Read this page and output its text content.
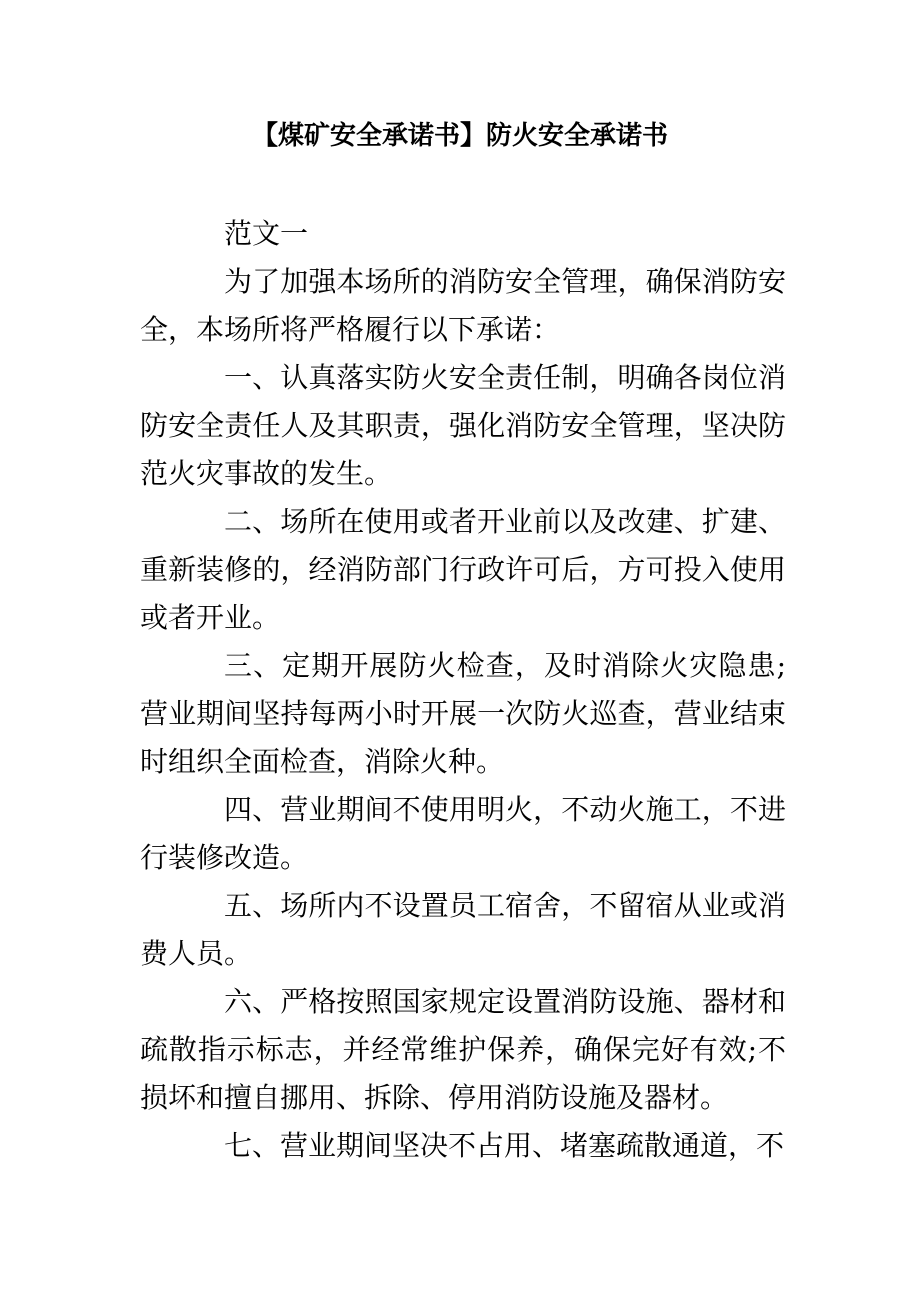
【煤矿安全承诺书】防火安全承诺书

范文一

为了加强本场所的消防安全管理，确保消防安全，本场所将严格履行以下承诺：

一、认真落实防火安全责任制，明确各岗位消防安全责任人及其职责，强化消防安全管理，坚决防范火灾事故的发生。

二、场所在使用或者开业前以及改建、扩建、重新装修的，经消防部门行政许可后，方可投入使用或者开业。

三、定期开展防火检查，及时消除火灾隐患;营业期间坚持每两小时开展一次防火巡查，营业结束时组织全面检查，消除火种。

四、营业期间不使用明火，不动火施工，不进行装修改造。

五、场所内不设置员工宿舍，不留宿从业或消费人员。

六、严格按照国家规定设置消防设施、器材和疏散指示标志，并经常维护保养，确保完好有效;不损坏和擅自挪用、拆除、停用消防设施及器材。

七、营业期间坚决不占用、堵塞疏散通道，不
